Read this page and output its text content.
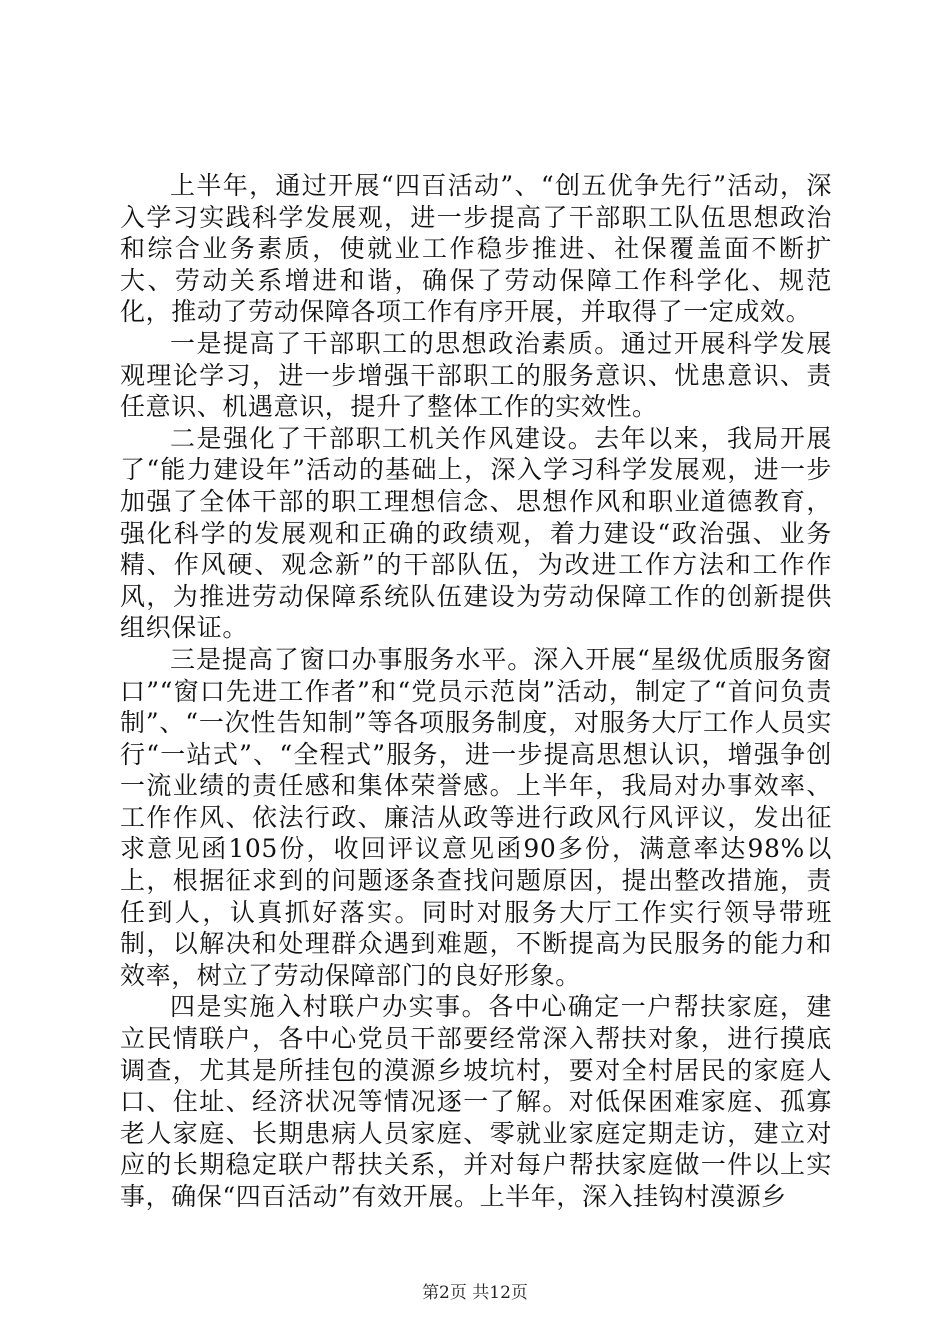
上半年，通过开展“四百活动”、“创五优争先行”活动，深入学习实践科学发展观，进一步提高了干部职工队伍思想政治和综合业务素质，使就业工作稳步推进、社保覆盖面不断扩大、劳动关系增进和谐，确保了劳动保障工作科学化、规范化，推动了劳动保障各项工作有序开展，并取得了一定成效。

一是提高了干部职工的思想政治素质。通过开展科学发展观理论学习，进一步增强干部职工的服务意识、忧患意识、责任意识、机遇意识，提升了整体工作的实效性。

二是强化了干部职工机关作风建设。去年以来，我局开展了“能力建设年”活动的基础上，深入学习科学发展观，进一步加强了全体干部的职工理想信念、思想作风和职业道德教育，强化科学的发展观和正确的政绩观，着力建设“政治强、业务精、作风硬、观念新”的干部队伍，为改进工作方法和工作作风，为推进劳动保障系统队伍建设为劳动保障工作的创新提供组织保证。

三是提高了窗口办事服务水平。深入开展“星级优质服务窗口”“窗口先进工作者”和“党员示范岗”活动，制定了“首问负责制”、“一次性告知制”等各项服务制度，对服务大厅工作人员实行“一站式”、“全程式”服务，进一步提高思想认识，增强争创一流业绩的责任感和集体荣誉感。上半年，我局对办事效率、工作作风、依法行政、廉洁从政等进行政风行风评议，发出征求意见函105份，收回评议意见函90多份，满意率达98%以上，根据征求到的问题逐条查找问题原因，提出整改措施，责任到人，认真抓好落实。同时对服务大厅工作实行领导带班制，以解决和处理群众遇到难题，不断提高为民服务的能力和效率，树立了劳动保障部门的良好形象。

四是实施入村联户办实事。各中心确定一户帮扶家庭，建立民情联户，各中心党员干部要经常深入帮扶对象，进行摸底调查，尤其是所挂包的漠源乡坡坑村，要对全村居民的家庭人口、住址、经济状况等情况逐一了解。对低保困难家庭、孤寡老人家庭、长期患病人员家庭、零就业家庭定期走访，建立对应的长期稳定联户帮扶关系，并对每户帮扶家庭做一件以上实事，确保“四百活动”有效开展。上半年，深入挂钩村漠源乡

第2页 共12页
